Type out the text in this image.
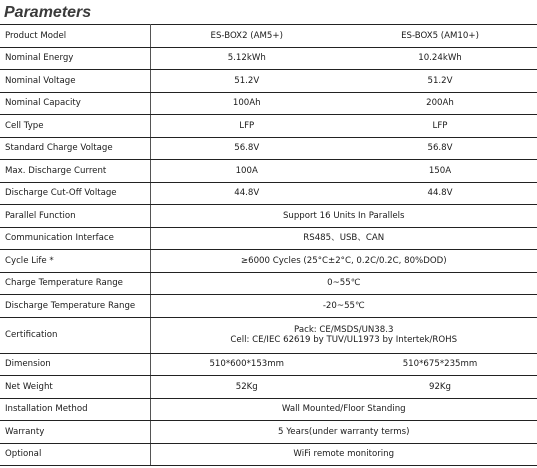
Parameters
Product Model	ES-BOX2 (AM5+)	ES-BOX5 (AM10+)
Nominal Energy	5.12kWh	10.24kWh
Nominal Voltage	51.2V	51.2V
Nominal Capacity	100Ah	200Ah
Cell Type	LFP	LFP
Standard Charge Voltage	56.8V	56.8V
Max. Discharge Current	100A	150A
Discharge Cut-Off Voltage	44.8V	44.8V
Parallel Function	Support 16 Units In Parallels	
Communication Interface	RS485、USB、CAN	
Cycle Life *	≥6000 Cycles (25°C±2°C, 0.2C/0.2C, 80%DOD)	
Charge Temperature Range	0~55℃	
Discharge Temperature Range	-20~55℃	
Certification	Pack: CE/MSDS/UN38.3
Cell: CE/IEC 62619 by TUV/UL1973 by Intertek/ROHS	

Dimension	510*600*153mm	510*675*235mm
Net Weight	52Kg	92Kg
Installation Method	Wall Mounted/Floor Standing	
Warranty	5 Years(under warranty terms)	
Optional	WiFi remote monitoring	
